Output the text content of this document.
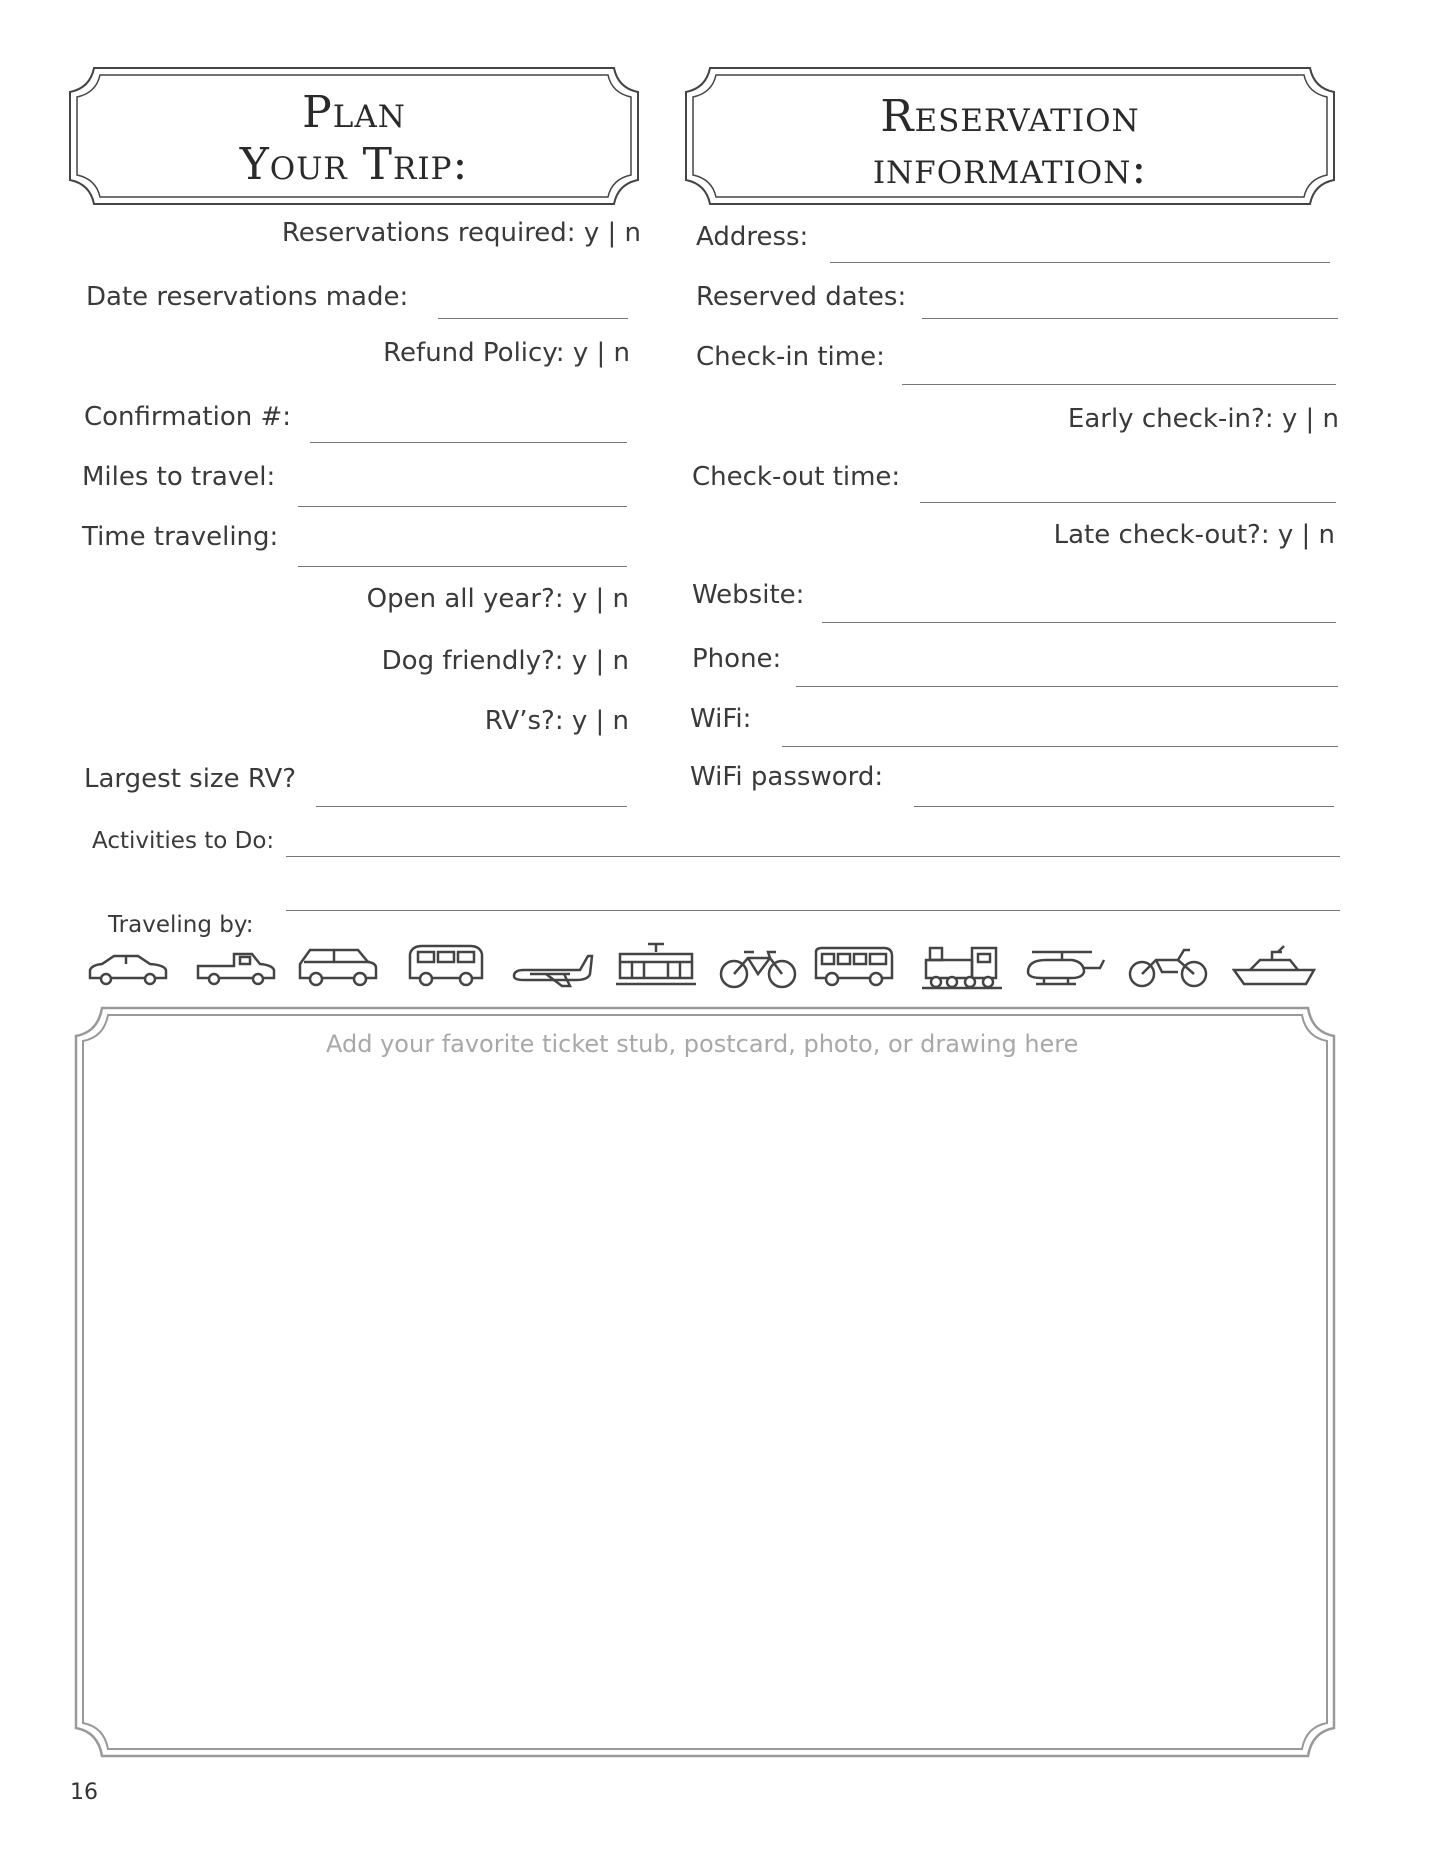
Plan
Your Trip:
Reservation
information:
Reservations required: y | n
Date reservations made:
Refund Policy: y | n
Confirmation #:
Miles to travel:
Time traveling:
Open all year?: y | n
Dog friendly?: y | n
RV’s?: y | n
Largest size RV?
Address:
Reserved dates:
Check-in time:
Early check-in?: y | n
Check-out time:
Late check-out?: y | n
Website:
Phone:
WiFi:
WiFi password:
Activities to Do:
Traveling by:
Add your favorite ticket stub, postcard, photo, or drawing here
16
